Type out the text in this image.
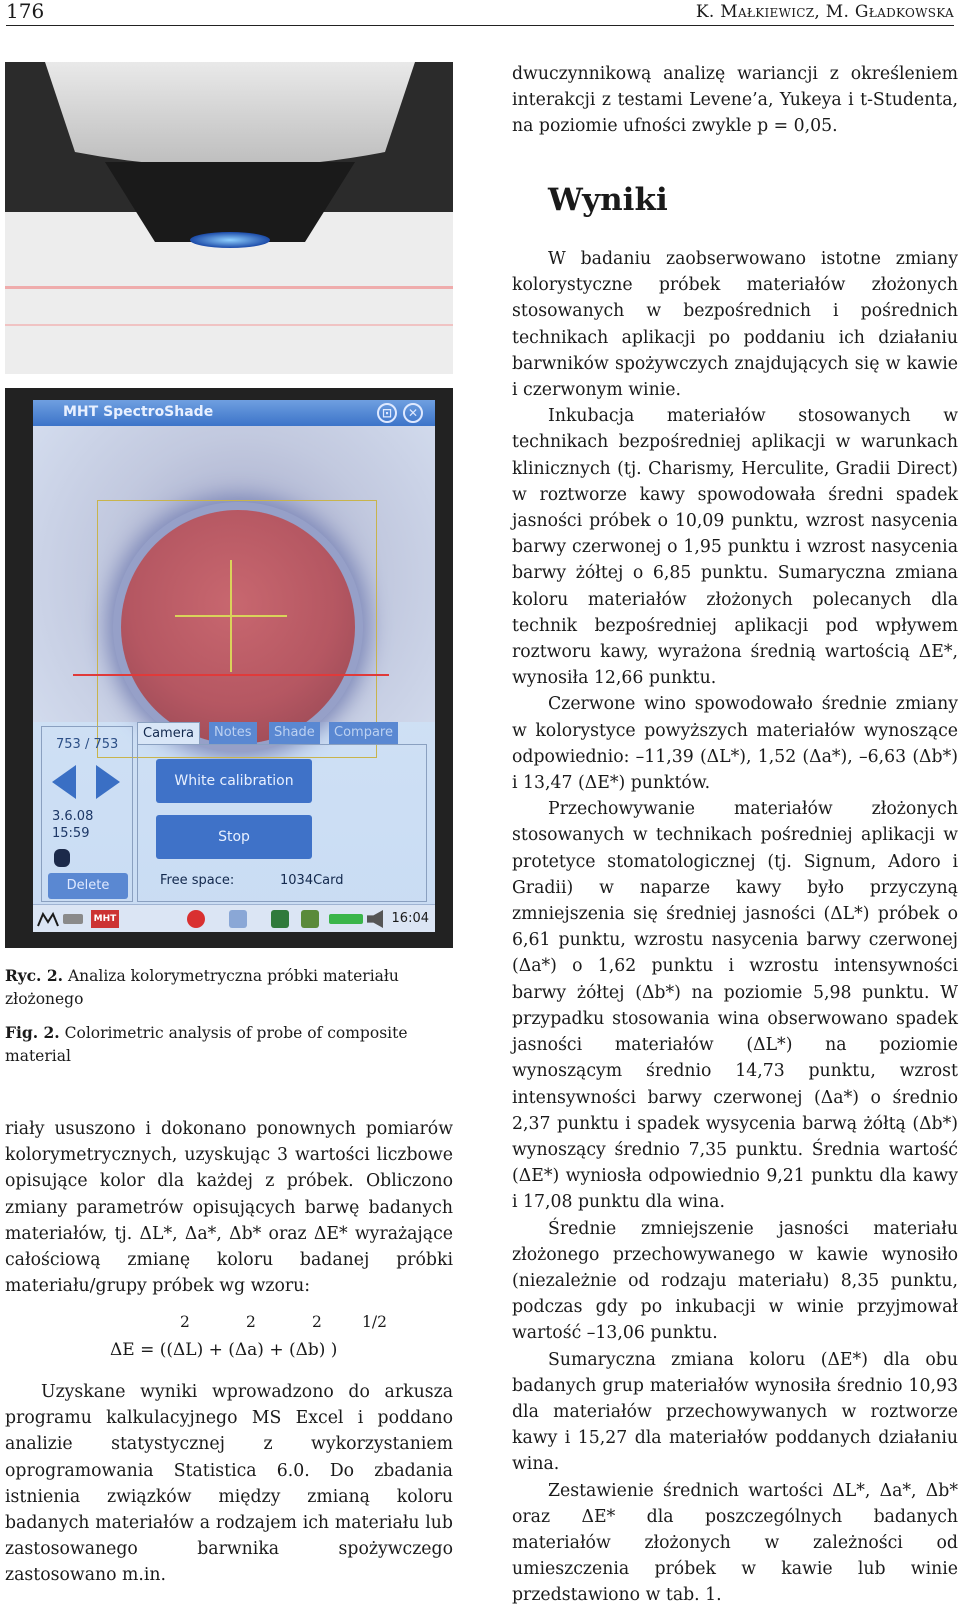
176	K. Małkiewicz, M. Gładkowska
MHT SpectroShade	⊡	✕
753 / 753
3.6.08
15:59
Delete
Camera	Notes	Shade	Compare
White calibration
Stop
Free space:	1034Card
MHT	16:04
Ryc. 2. Analiza kolorymetryczna próbki materiału złożonego
Fig. 2. Colorimetric analysis of probe of composite material

riały ususzono i dokonano ponownych pomiarów kolorymetrycznych, uzyskując 3 wartości liczbowe opisujące kolor dla każdej z próbek. Obliczono zmiany parametrów opisujących barwę badanych materiałów, tj. ΔL*, Δa*, Δb* oraz ΔE* wyrażające całościową zmianę koloru badanej próbki materiału/grupy próbek wg wzoru:

2	2	2	1/2
ΔE = ((ΔL) + (Δa) + (Δb) )

Uzyskane wyniki wprowadzono do arkusza programu kalkulacyjnego MS Excel i poddano analizie statystycznej z wykorzystaniem oprogramowania Statistica 6.0. Do zbadania istnienia związków między zmianą koloru badanych materiałów a rodzajem ich materiału lub zastosowanego barwnika spożywczego zastosowano m.in.

dwuczynnikową analizę wariancji z określeniem interakcji z testami Levene’a, Yukeya i t-Studenta, na poziomie ufności zwykle p = 0,05.

Wyniki

W badaniu zaobserwowano istotne zmiany kolorystyczne próbek materiałów złożonych stosowanych w bezpośrednich i pośrednich technikach aplikacji po poddaniu ich działaniu barwników spożywczych znajdujących się w kawie i czerwonym winie.

Inkubacja materiałów stosowanych w technikach bezpośredniej aplikacji w warunkach klinicznych (tj. Charismy, Herculite, Gradii Direct) w roztworze kawy spowodowała średni spadek jasności próbek o 10,09 punktu, wzrost nasycenia barwy czerwonej o 1,95 punktu i wzrost nasycenia barwy żółtej o 6,85 punktu. Sumaryczna zmiana koloru materiałów złożonych polecanych dla technik bezpośredniej aplikacji pod wpływem roztworu kawy, wyrażona średnią wartością ΔE*, wynosiła 12,66 punktu.

Czerwone wino spowodowało średnie zmiany w kolorystyce powyższych materiałów wynoszące odpowiednio: –11,39 (ΔL*), 1,52 (Δa*), –6,63 (Δb*) i 13,47 (ΔE*) punktów.

Przechowywanie materiałów złożonych stosowanych w technikach pośredniej aplikacji w protetyce stomatologicznej (tj. Signum, Adoro i Gradii) w naparze kawy było przyczyną zmniejszenia się średniej jasności (ΔL*) próbek o 6,61 punktu, wzrostu nasycenia barwy czerwonej (Δa*) o 1,62 punktu i wzrostu intensywności barwy żółtej (Δb*) na poziomie 5,98 punktu. W przypadku stosowania wina obserwowano spadek jasności materiałów (ΔL*) na poziomie wynoszącym średnio 14,73 punktu, wzrost intensywności barwy czerwonej (Δa*) o średnio 2,37 punktu i spadek wysycenia barwą żółtą (Δb*) wynoszący średnio 7,35 punktu. Średnia wartość (ΔE*) wyniosła odpowiednio 9,21 punktu dla kawy i 17,08 punktu dla wina.

Średnie zmniejszenie jasności materiału złożonego przechowywanego w kawie wynosiło (niezależnie od rodzaju materiału) 8,35 punktu, podczas gdy po inkubacji w winie przyjmował wartość –13,06 punktu.

Sumaryczna zmiana koloru (ΔE*) dla obu badanych grup materiałów wynosiła średnio 10,93 dla materiałów przechowywanych w roztworze kawy i 15,27 dla materiałów poddanych działaniu wina.

Zestawienie średnich wartości ΔL*, Δa*, Δb* oraz ΔE* dla poszczególnych badanych materiałów złożonych w zależności od umieszczenia próbek w kawie lub winie przedstawiono w tab. 1.
